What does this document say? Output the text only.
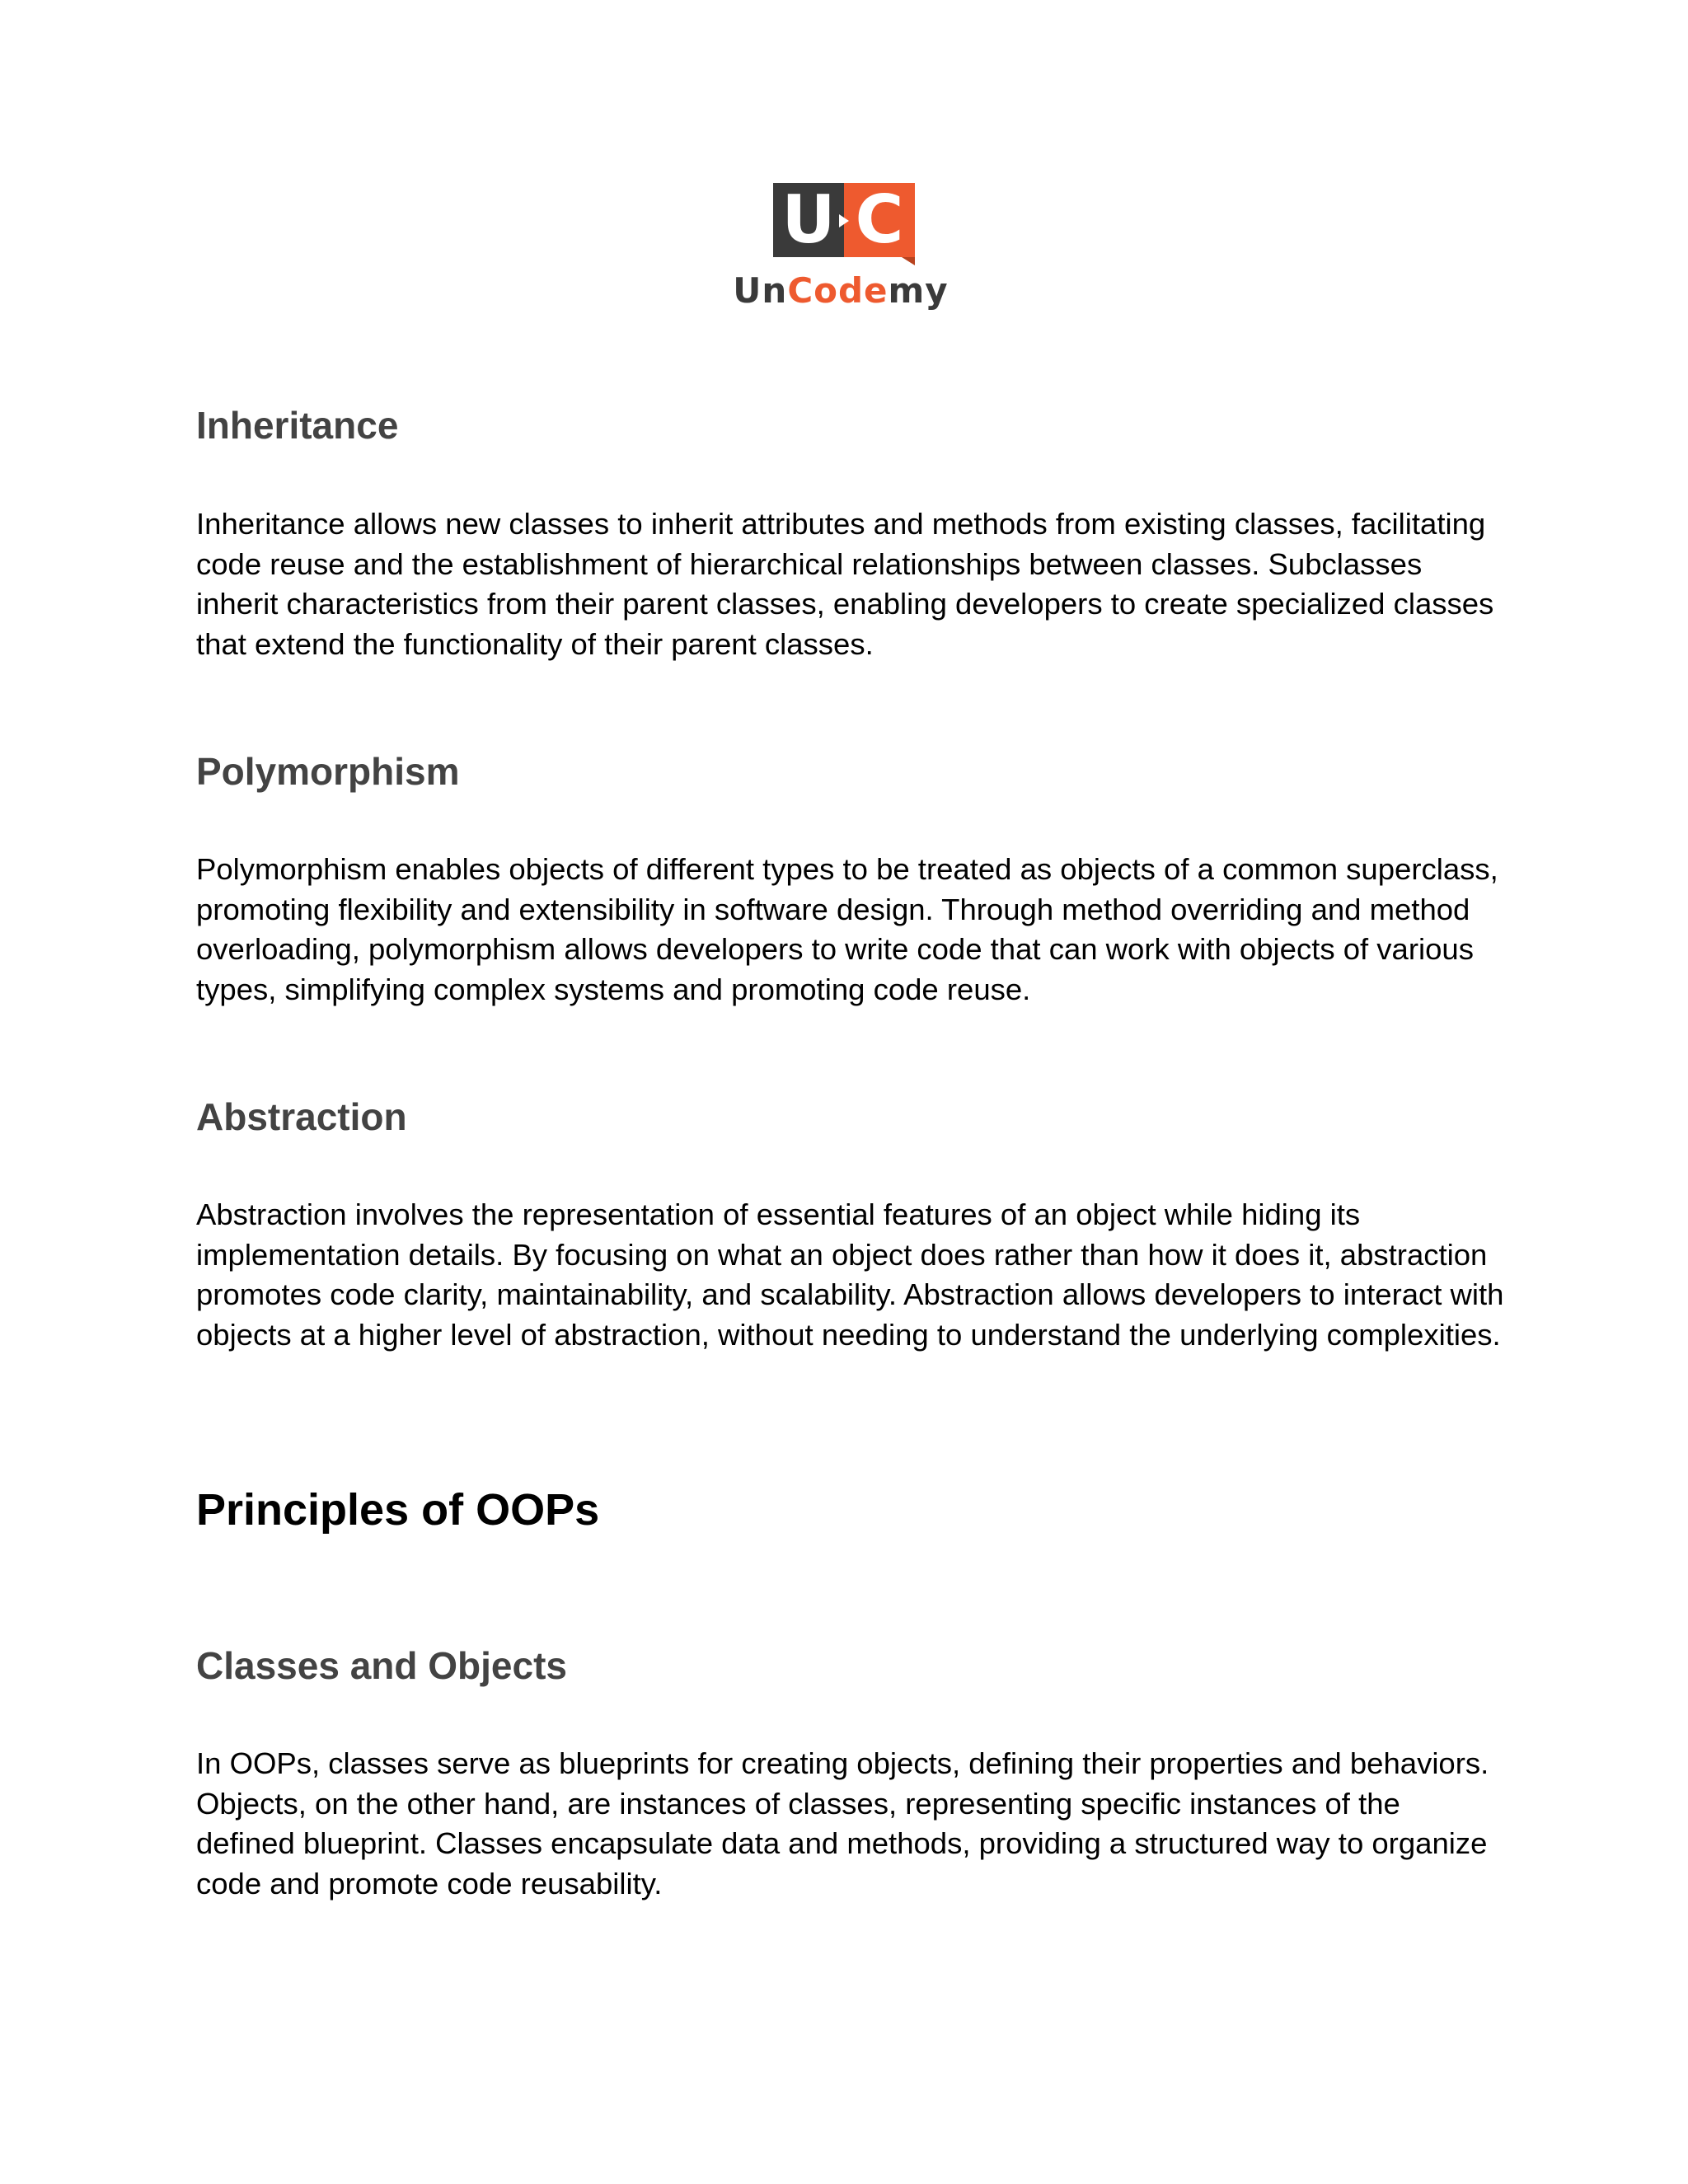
U C
UnCodemy
Inheritance

Inheritance allows new classes to inherit attributes and methods from existing classes, facilitating code reuse and the establishment of hierarchical relationships between classes. Subclasses inherit characteristics from their parent classes, enabling developers to create specialized classes that extend the functionality of their parent classes.

Polymorphism

Polymorphism enables objects of different types to be treated as objects of a common superclass, promoting flexibility and extensibility in software design. Through method overriding and method overloading, polymorphism allows developers to write code that can work with objects of various types, simplifying complex systems and promoting code reuse.

Abstraction

Abstraction involves the representation of essential features of an object while hiding its implementation details. By focusing on what an object does rather than how it does it, abstraction promotes code clarity, maintainability, and scalability. Abstraction allows developers to interact with objects at a higher level of abstraction, without needing to understand the underlying complexities.

Principles of OOPs
Classes and Objects

In OOPs, classes serve as blueprints for creating objects, defining their properties and behaviors. Objects, on the other hand, are instances of classes, representing specific instances of the defined blueprint. Classes encapsulate data and methods, providing a structured way to organize code and promote code reusability.
